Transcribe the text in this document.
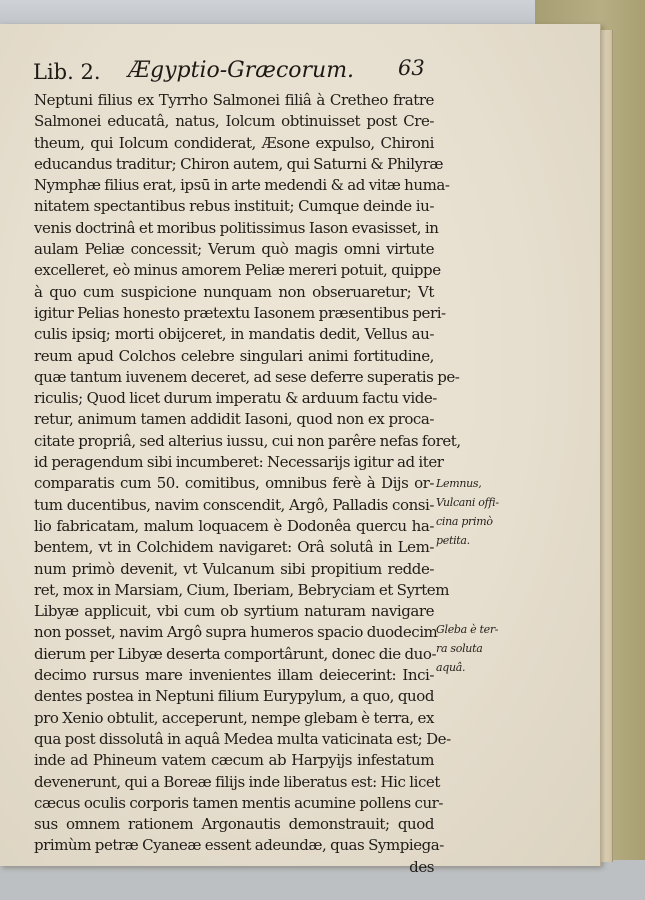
Lib. 2. Ægyptio-Græcorum. 63
Neptuni filius ex Tyrrho Salmonei filiâ à Cretheo fratre
Salmonei educatâ, natus, Iolcum obtinuisset post Cre-
theum, qui Iolcum condiderat, Æsone expulso, Chironi
educandus traditur; Chiron autem, qui Saturni & Philyræ
Nymphæ filius erat, ipsū in arte medendi & ad vitæ huma-
nitatem spectantibus rebus instituit; Cumque deinde iu-
venis doctrinâ et moribus politissimus Iason evasisset, in
aulam Peliæ concessit; Verum quò magis omni virtute
excelleret, eò minus amorem Peliæ mereri potuit, quippe
à quo cum suspicione nunquam non obseruaretur; Vt
igitur Pelias honesto prætextu Iasonem præsentibus peri-
culis ipsiq; morti obijceret, in mandatis dedit, Vellus au-
reum apud Colchos celebre singulari animi fortitudine,
quæ tantum iuvenem deceret, ad sese deferre superatis pe-
riculis; Quod licet durum imperatu & arduum factu vide-
retur, animum tamen addidit Iasoni, quod non ex proca-
citate propriâ, sed alterius iussu, cui non parêre nefas foret,
id peragendum sibi incumberet: Necessarijs igitur ad iter
comparatis cum 50. comitibus, omnibus ferè à Dijs or-
tum ducentibus, navim conscendit, Argô, Palladis consi-
lio fabricatam, malum loquacem è Dodonêa quercu ha-
bentem, vt in Colchidem navigaret: Orâ solutâ in Lem-
num primò devenit, vt Vulcanum sibi propitium redde-
ret, mox in Marsiam, Cium, Iberiam, Bebryciam et Syrtem
Libyæ applicuit, vbi cum ob syrtium naturam navigare
non posset, navim Argô supra humeros spacio duodecim
dierum per Libyæ deserta comportârunt, donec die duo-
decimo rursus mare invenientes illam deiecerint: Inci-
dentes postea in Neptuni filium Eurypylum, a quo, quod
pro Xenio obtulit, acceperunt, nempe glebam è terra, ex
qua post dissolutâ in aquâ Medea multa vaticinata est; De-
inde ad Phineum vatem cæcum ab Harpyijs infestatum
devenerunt, qui a Boreæ filijs inde liberatus est: Hic licet
cæcus oculis corporis tamen mentis acumine pollens cur-
sus omnem rationem Argonautis demonstrauit; quod
primùm petræ Cyaneæ essent adeundæ, quas Sympiega-
des
Lemnus,
Vulcani offi-
cina primò
petita.
Gleba è ter-
ra soluta
aquâ.
